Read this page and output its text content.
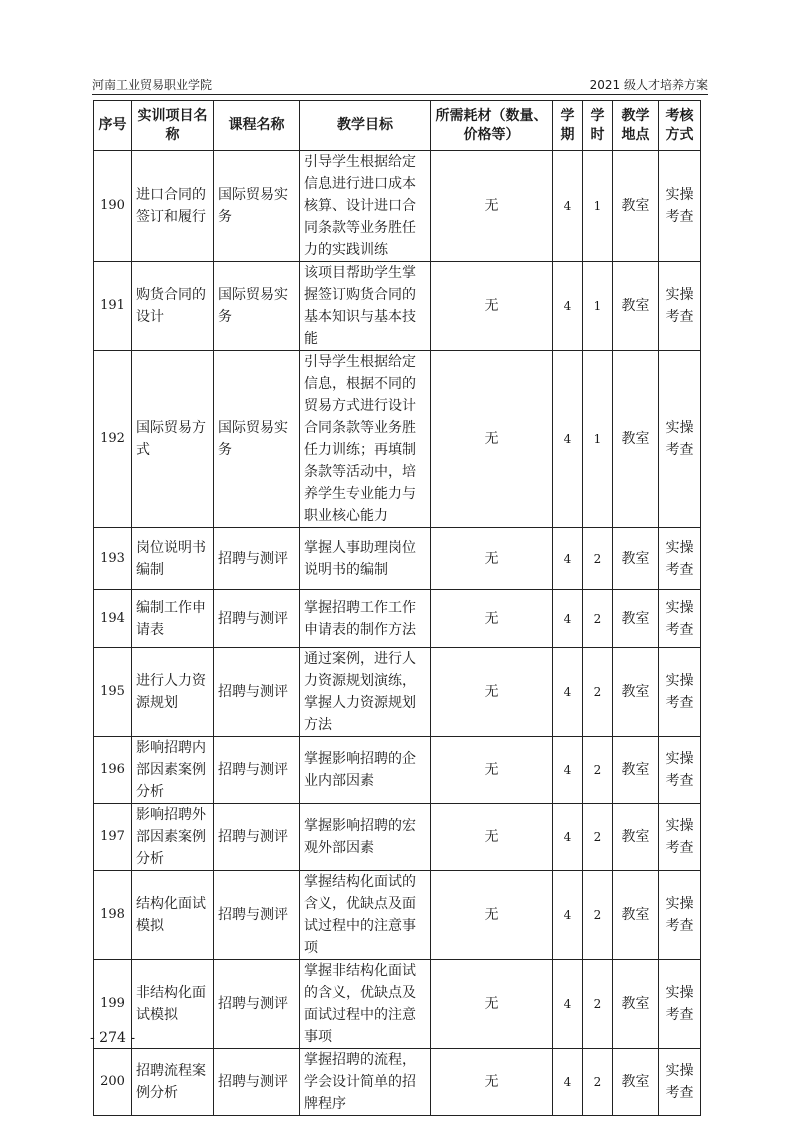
河南工业贸易职业学院	2021 级人才培养方案
序号	实训项目名称	课程名称	教学目标	所需耗材（数量、价格等）	学期	学时	教学地点	考核方式
190	进口合同的签订和履行	国际贸易实务	引导学生根据给定信息进行进口成本核算、设计进口合同条款等业务胜任力的实践训练	无	4	1	教室	实操考查
191	购货合同的设计	国际贸易实务	该项目帮助学生掌握签订购货合同的基本知识与基本技能	无	4	1	教室	实操考查
192	国际贸易方式	国际贸易实务	引导学生根据给定信息，根据不同的贸易方式进行设计合同条款等业务胜任力训练；再填制条款等活动中，培养学生专业能力与职业核心能力	无	4	1	教室	实操考查
193	岗位说明书编制	招聘与测评	掌握人事助理岗位说明书的编制	无	4	2	教室	实操考查
194	编制工作申请表	招聘与测评	掌握招聘工作工作申请表的制作方法	无	4	2	教室	实操考查
195	进行人力资源规划	招聘与测评	通过案例，进行人力资源规划演练，掌握人力资源规划方法	无	4	2	教室	实操考查
196	影响招聘内部因素案例分析	招聘与测评	掌握影响招聘的企业内部因素	无	4	2	教室	实操考查
197	影响招聘外部因素案例分析	招聘与测评	掌握影响招聘的宏观外部因素	无	4	2	教室	实操考查
198	结构化面试模拟	招聘与测评	掌握结构化面试的含义，优缺点及面试过程中的注意事项	无	4	2	教室	实操考查
199	非结构化面试模拟	招聘与测评	掌握非结构化面试的含义，优缺点及面试过程中的注意事项	无	4	2	教室	实操考查
200	招聘流程案例分析	招聘与测评	掌握招聘的流程，学会设计简单的招牌程序	无	4	2	教室	实操考查
- 274 -
